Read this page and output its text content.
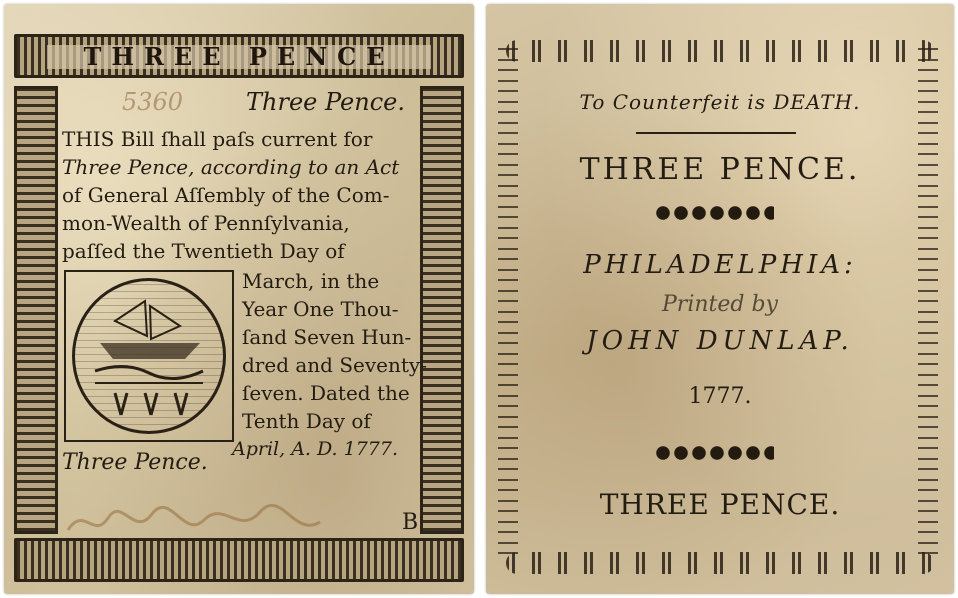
THREE PENCE
5360	Three Pence.
THIS Bill ſhall paſs current for
Three Pence, according to an Act
of General Aſſembly of the Com-
mon-Wealth of Pennſylvania,
paſſed the Twentieth Day of
March, in the
Year One Thou-
ſand Seven Hun-
dred and Seventy-
ſeven. Dated the
Tenth Day of
April, A. D. 1777.
Three Pence.
B
To Counterfeit is DEATH.
THREE PENCE.
PHILADELPHIA:
Printed by
JOHN DUNLAP.
1777.
THREE PENCE.
